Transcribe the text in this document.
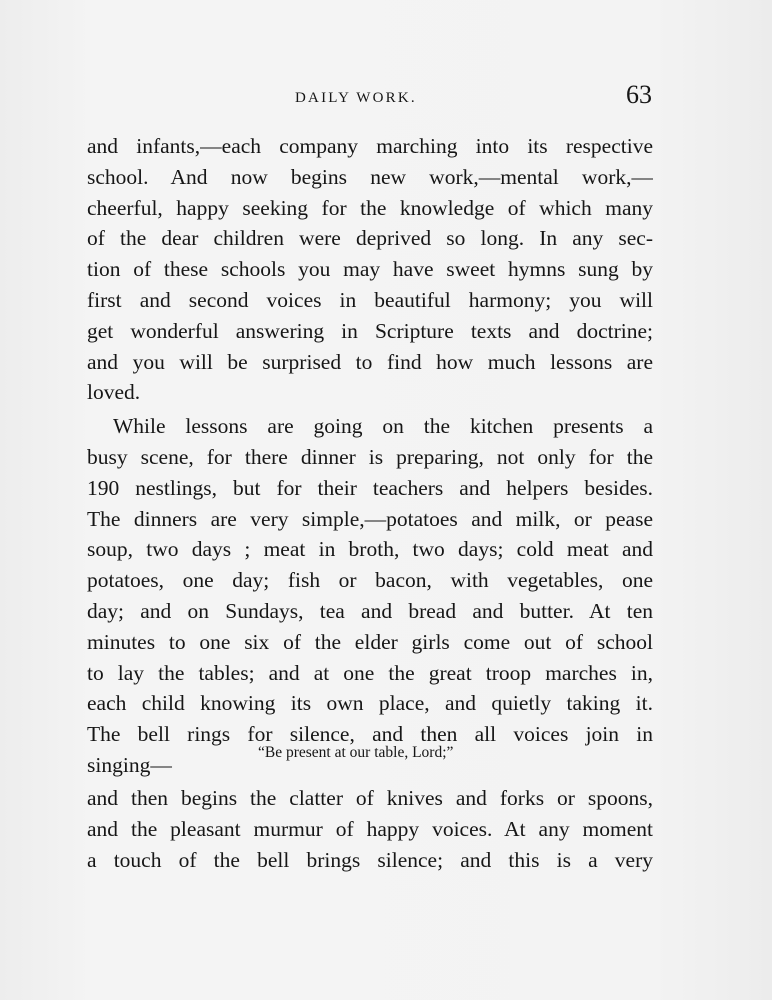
DAILY WORK.	63
and infants,—each company marching into its respective
school. And now begins new work,—mental work,—
cheerful, happy seeking for the knowledge of which many
of the dear children were deprived so long. In any sec-
tion of these schools you may have sweet hymns sung by
first and second voices in beautiful harmony; you will
get wonderful answering in Scripture texts and doctrine;
and you will be surprised to find how much lessons are
loved.
While lessons are going on the kitchen presents a
busy scene, for there dinner is preparing, not only for the
190 nestlings, but for their teachers and helpers besides.
The dinners are very simple,—potatoes and milk, or pease
soup, two days ; meat in broth, two days; cold meat and
potatoes, one day; fish or bacon, with vegetables, one
day; and on Sundays, tea and bread and butter. At ten
minutes to one six of the elder girls come out of school
to lay the tables; and at one the great troop marches in,
each child knowing its own place, and quietly taking it.
The bell rings for silence, and then all voices join in
singing—
“Be present at our table, Lord;”
and then begins the clatter of knives and forks or spoons,
and the pleasant murmur of happy voices. At any moment
a touch of the bell brings silence; and this is a very
